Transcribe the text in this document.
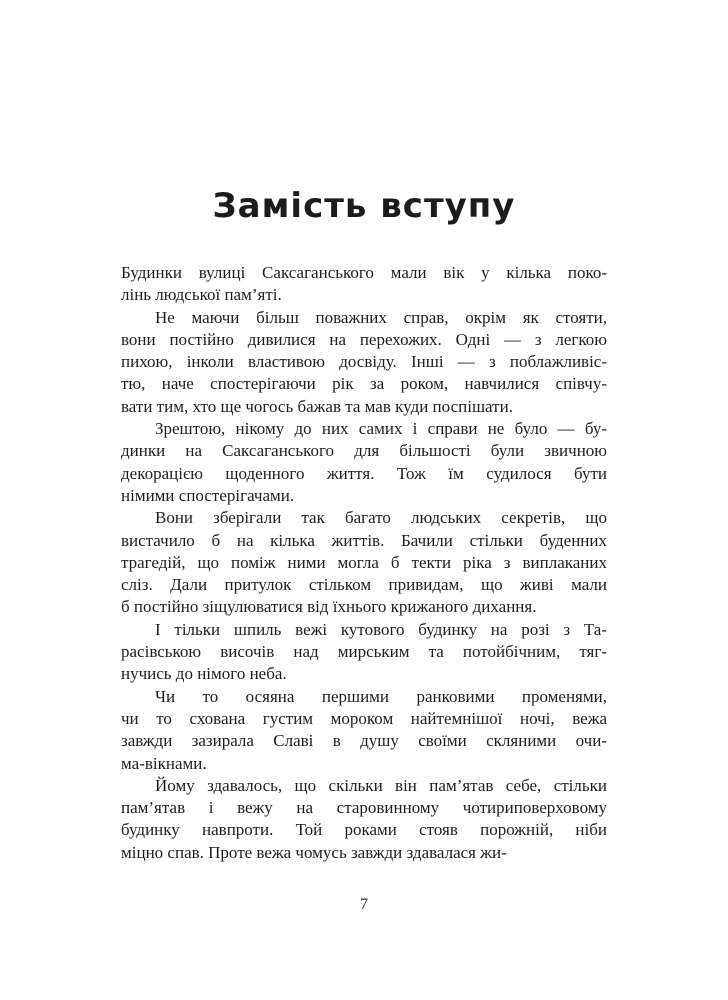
Замість вступу

Будинки вулиці Саксаганського мали вік у кілька поко-
лінь людської пам’яті.

Не маючи більш поважних справ, окрім як стояти,
вони постійно дивилися на перехожих. Одні — з легкою
пихою, інколи властивою досвіду. Інші — з поблажливіс-
тю, наче спостерігаючи рік за роком, навчилися співчу-
вати тим, хто ще чогось бажав та мав куди поспішати.

Зрештою, нікому до них самих і справи не було — бу-
динки на Саксаганського для більшості були звичною
декорацією щоденного життя. Тож їм судилося бути
німими спостерігачами.

Вони зберігали так багато людських секретів, що
вистачило б на кілька життів. Бачили стільки буденних
трагедій, що поміж ними могла б текти ріка з виплаканих
сліз. Дали притулок стільком привидам, що живі мали
б постійно зіщулюватися від їхнього крижаного дихання.

І тільки шпиль вежі кутового будинку на розі з Та-
расівською височів над мирським та потойбічним, тяг-
нучись до німого неба.

Чи то осяяна першими ранковими променями,
чи то схована густим мороком найтемнішої ночі, вежа
завжди зазирала Славі в душу своїми скляними очи-
ма-вікнами.

Йому здавалось, що скільки він пам’ятав себе, стільки
пам’ятав і вежу на старовинному чотириповерховому
будинку навпроти. Той роками стояв порожній, ніби
міцно спав. Проте вежа чомусь завжди здавалася жи-

7
